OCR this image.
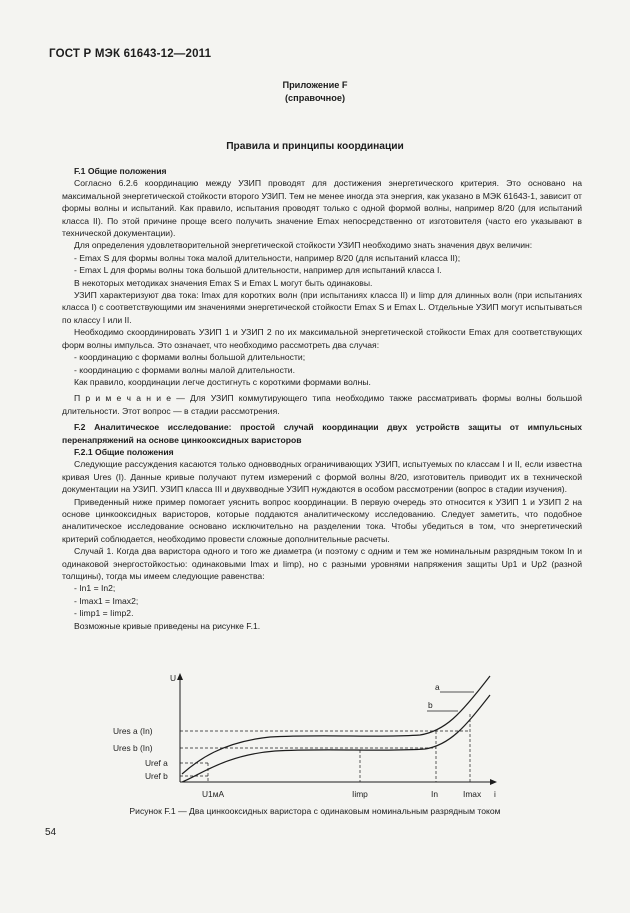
ГОСТ Р МЭК 61643-12—2011
Приложение F
(справочное)
Правила и принципы координации

F.1 Общие положения

Согласно 6.2.6 координацию между УЗИП проводят для достижения энергетического критерия. Это основано на максимальной энергетической стойкости второго УЗИП. Тем не менее иногда эта энергия, как указано в МЭК 61643-1, зависит от формы волны и испытаний. Как правило, испытания проводят только с одной формой волны, например 8/20 (для испытаний класса II). По этой причине проще всего получить значение Emax непосредственно от изготовителя (часто его указывают в технической документации).

Для определения удовлетворительной энергетической стойкости УЗИП необходимо знать значения двух величин:

- Emax S для формы волны тока малой длительности, например 8/20 (для испытаний класса II);

- Emax L для формы волны тока большой длительности, например для испытаний класса I.

В некоторых методиках значения Emax S и Emax L могут быть одинаковы.

УЗИП характеризуют два тока: Imax для коротких волн (при испытаниях класса II) и Iimp для длинных волн (при испытаниях класса I) с соответствующими им значениями энергетической стойкости Emax S и Emax L. Отдельные УЗИП могут испытываться по классу I или II.

Необходимо скоординировать УЗИП 1 и УЗИП 2 по их максимальной энергетической стойкости Emax для соответствующих форм волны импульса. Это означает, что необходимо рассмотреть два случая:

- координацию с формами волны большой длительности;

- координацию с формами волны малой длительности.

Как правило, координации легче достигнуть с короткими формами волны.

П р и м е ч а н и е — Для УЗИП коммутирующего типа необходимо также рассматривать формы волны большой длительности. Этот вопрос — в стадии рассмотрения.

F.2 Аналитическое исследование: простой случай координации двух устройств защиты от импульсных перенапряжений на основе цинкооксидных варисторов

F.2.1 Общие положения

Следующие рассуждения касаются только одновводных ограничивающих УЗИП, испытуемых по классам I и II, если известна кривая Ures (I). Данные кривые получают путем измерений с формой волны 8/20, изготовитель приводит их в технической документации на УЗИП. УЗИП класса III и двухвводные УЗИП нуждаются в особом рассмотрении (вопрос в стадии изучения).

Приведенный ниже пример помогает уяснить вопрос координации. В первую очередь это относится к УЗИП 1 и УЗИП 2 на основе цинкооксидных варисторов, которые поддаются аналитическому исследованию. Следует заметить, что подобное аналитическое исследование основано исключительно на разделении тока. Чтобы убедиться в том, что энергетический критерий соблюдается, необходимо провести сложные дополнительные расчеты.

Случай 1. Когда два варистора одного и того же диаметра (и поэтому с одним и тем же номинальным разрядным током In и одинаковой энергостойкостью: одинаковыми Imax и Iimp), но с разными уровнями напряжения защиты Up1 и Up2 (разной толщины), тогда мы имеем следующие равенства:

- In1 = In2;

- Imax1 = Imax2;

- Iimp1 = Iimp2.

Возможные кривые приведены на рисунке F.1.

U
i
a
b
Ures a (In)
Ures b (In)
Uref a
Uref b
U1мА	Iimp	In	Imax
Рисунок F.1 — Два цинкооксидных варистора с одинаковым номинальным разрядным током
54
